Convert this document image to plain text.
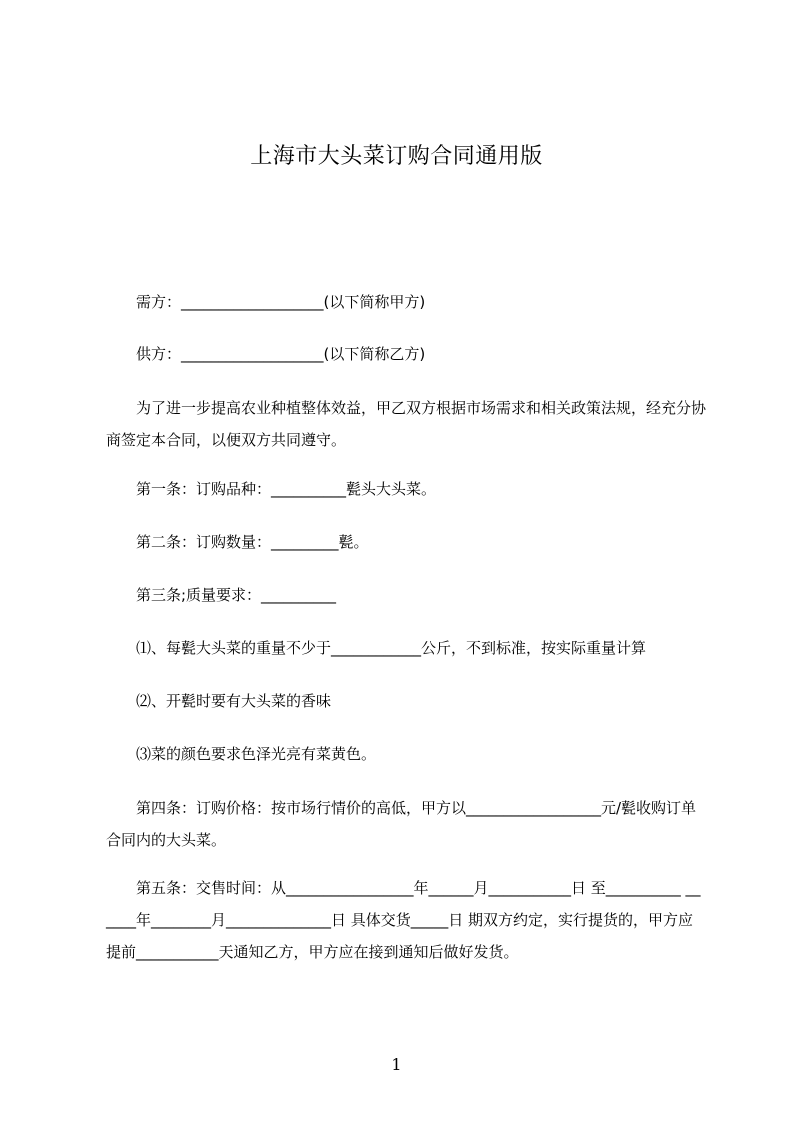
上海市大头菜订购合同通用版

需方：___________________(以下简称甲方)

供方：___________________(以下简称乙方)

为了进一步提高农业种植整体效益，甲乙双方根据市场需求和相关政策法规，经充分协商签定本合同，以便双方共同遵守。

第一条：订购品种：__________甏头大头菜。

第二条：订购数量：_________甏。

第三条;质量要求：__________

⑴、每甏大头菜的重量不少于____________公斤，不到标准，按实际重量计算

⑵、开甏时要有大头菜的香味

⑶菜的颜色要求色泽光亮有菜黄色。

第四条：订购价格：按市场行情价的高低，甲方以__________________元/甏收购订单合同内的大头菜。

第五条：交售时间：从_________________年______月___________日 至__________ ______年________月______________日 具体交货_____日 期双方约定，实行提货的，甲方应提前___________天通知乙方，甲方应在接到通知后做好发货。

1
